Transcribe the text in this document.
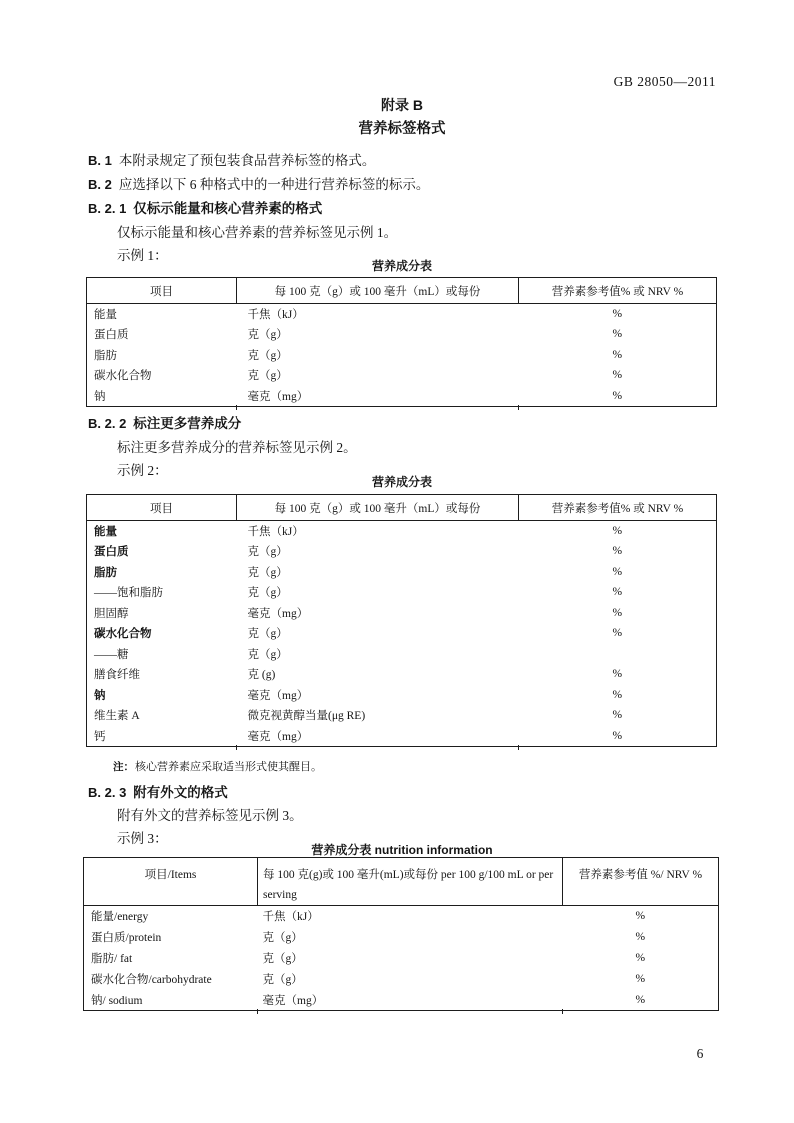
GB 28050—2011
附录 B
营养标签格式

B. 1 本附录规定了预包装食品营养标签的格式。

B. 2 应选择以下 6 种格式中的一种进行营养标签的标示。

B. 2. 1 仅标示能量和核心营养素的格式

仅标示能量和核心营养素的营养标签见示例 1。

示例 1：

营养成分表
项目	每 100 克（g）或 100 毫升（mL）或每份	营养素参考值% 或 NRV %
能量	千焦（kJ）	%
蛋白质	克（g）	%
脂肪	克（g）	%
碳水化合物	克（g）	%
钠	毫克（mg）	%

B. 2. 2 标注更多营养成分

标注更多营养成分的营养标签见示例 2。

示例 2：

营养成分表
项目	每 100 克（g）或 100 毫升（mL）或每份	营养素参考值% 或 NRV %
能量	千焦（kJ）	%
蛋白质	克（g）	%
脂肪	克（g）	%
——饱和脂肪	克（g）	%
胆固醇	毫克（mg）	%
碳水化合物	克（g）	%
——糖	克（g）	
膳食纤维	克 (g)	%
钠	毫克（mg）	%
维生素 A	微克视黄醇当量(μg RE)	%
钙	毫克（mg）	%

注：核心营养素应采取适当形式使其醒目。

B. 2. 3 附有外文的格式

附有外文的营养标签见示例 3。

示例 3：

营养成分表 nutrition information
项目/Items	每 100 克(g)或 100 毫升(mL)或每份 per 100 g/100 mL or per serving	营养素参考值 %/ NRV %
能量/energy	千焦（kJ）	%
蛋白质/protein	克（g）	%
脂肪/ fat	克（g）	%
碳水化合物/carbohydrate	克（g）	%
钠/ sodium	毫克（mg）	%
6
